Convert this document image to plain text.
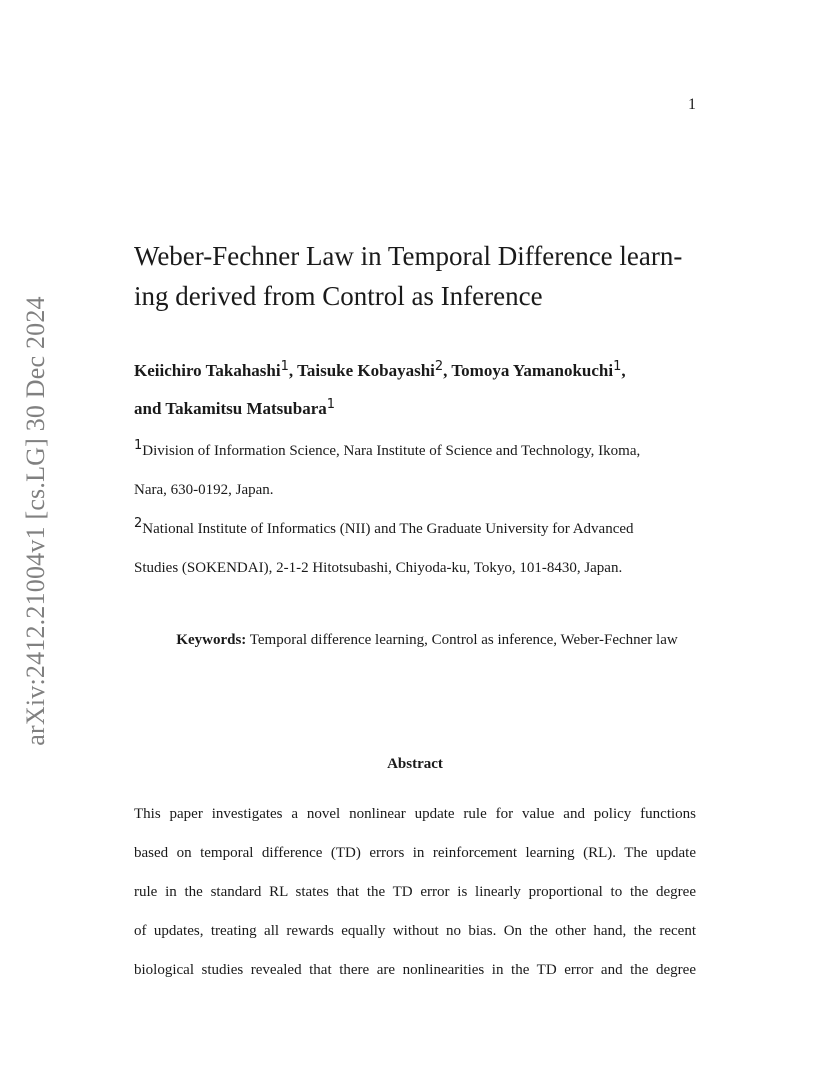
1
arXiv:2412.21004v1 [cs.LG] 30 Dec 2024
Weber-Fechner Law in Temporal Difference learn-
ing derived from Control as Inference
Keiichiro Takahashi$^1$, Taisuke Kobayashi$^2$, Tomoya Yamanokuchi$^1$,
and Takamitsu Matsubara$^1$
$^1$Division of Information Science, Nara Institute of Science and Technology, Ikoma,
Nara, 630-0192, Japan.
$^2$National Institute of Informatics (NII) and The Graduate University for Advanced
Studies (SOKENDAI), 2-1-2 Hitotsubashi, Chiyoda-ku, Tokyo, 101-8430, Japan.
Keywords: Temporal difference learning, Control as inference, Weber-Fechner law
Abstract
This paper investigates a novel nonlinear update rule for value and policy functions
based on temporal difference (TD) errors in reinforcement learning (RL). The update
rule in the standard RL states that the TD error is linearly proportional to the degree
of updates, treating all rewards equally without no bias. On the other hand, the recent
biological studies revealed that there are nonlinearities in the TD error and the degree
